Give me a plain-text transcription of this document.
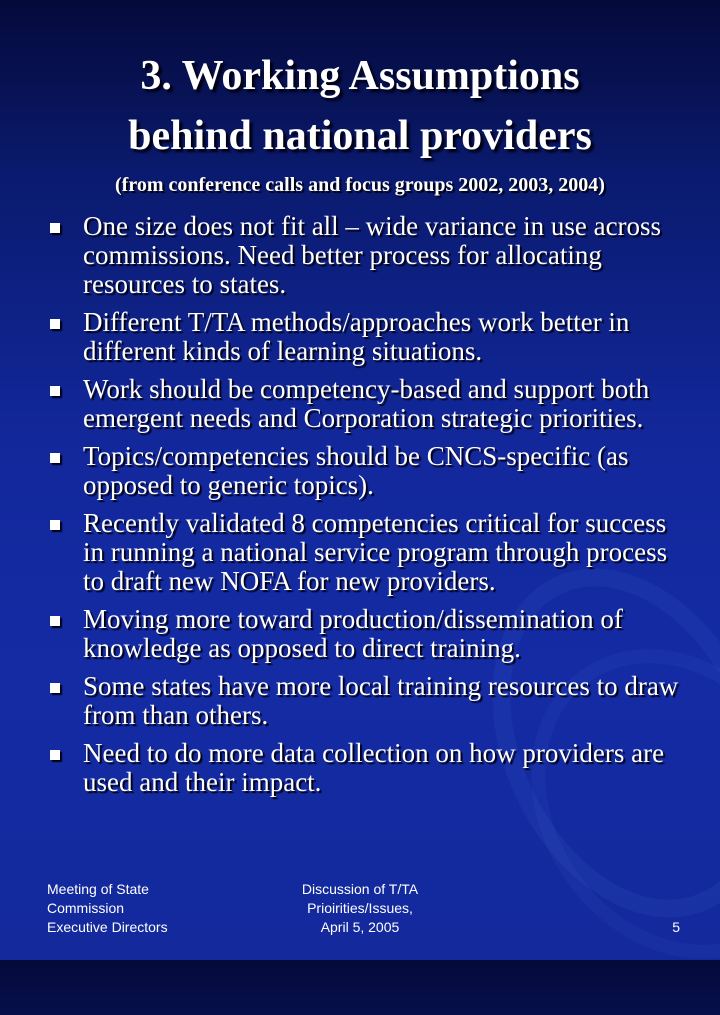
3. Working Assumptions
behind national providers
(from conference calls and focus groups 2002, 2003, 2004)
One size does not fit all – wide variance in use across commissions. Need better process for allocating resources to states.
Different T/TA methods/approaches work better in different kinds of learning situations.
Work should be competency-based and support both emergent needs and Corporation strategic priorities.
Topics/competencies should be CNCS-specific (as opposed to generic topics).
Recently validated 8 competencies critical for success in running a national service program through process to draft new NOFA for new providers.
Moving more toward production/dissemination of knowledge as opposed to direct training.
Some states have more local training resources to draw from than others.
Need to do more data collection on how providers are used and their impact.
Meeting of State
Commission
Executive Directors
Discussion of T/TA
Prioirities/Issues,
April 5, 2005

	5
